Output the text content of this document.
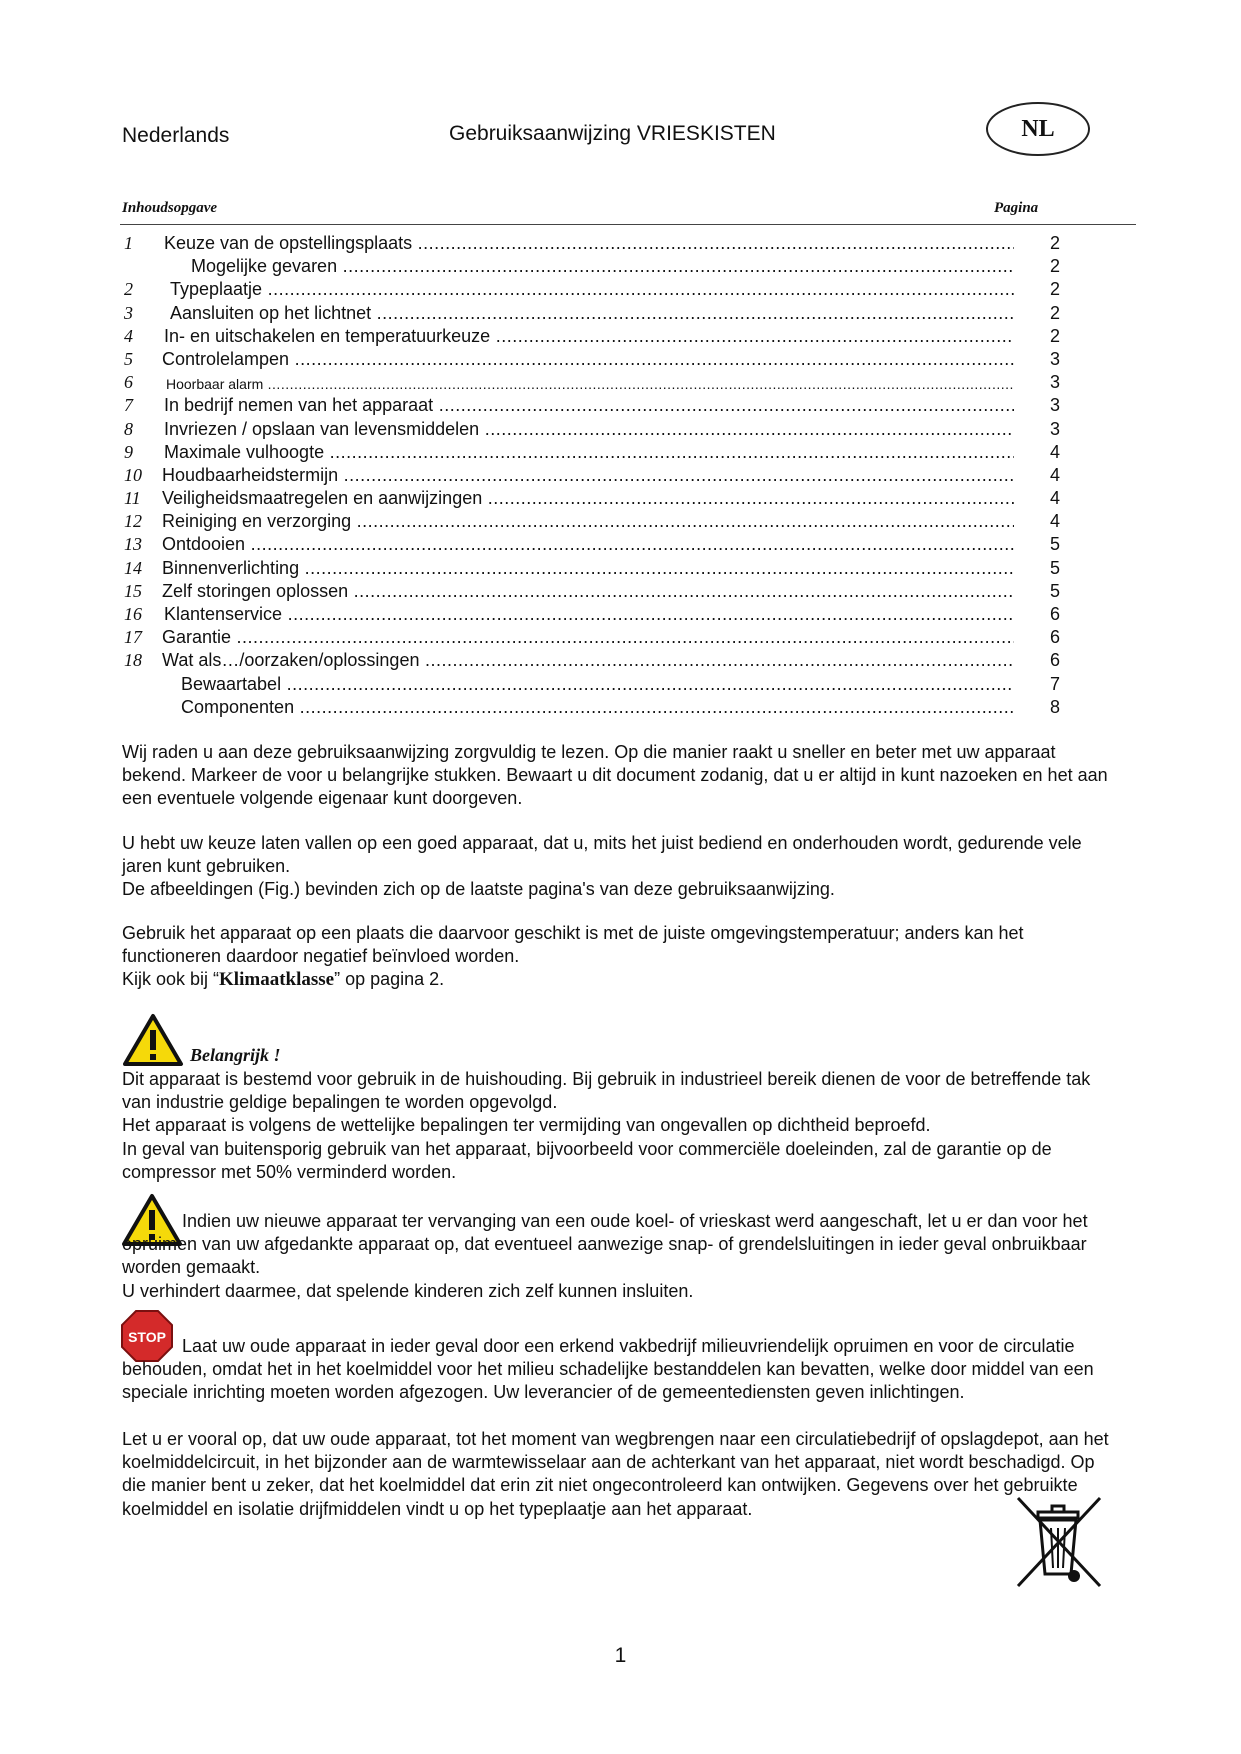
Nederlands	Gebruiksaanwijzing VRIESKISTEN	NL
Inhoudsopgave	Pagina
1 Keuze van de opstellingsplaats .....	2
Mogelijke gevaren .....	2
2 Typeplaatje .....	2
3 Aansluiten op het lichtnet .....	2
4 In- en uitschakelen en temperatuurkeuze .....	2
5 Controlelampen .....	3
6 Hoorbaar alarm .....	3
7 In bedrijf nemen van het apparaat .....	3
8 Invriezen / opslaan van levensmiddelen .....	3
9 Maximale vulhoogte .....	4
10 Houdbaarheidstermijn .....	4
11 Veiligheidsmaatregelen en aanwijzingen .....	4
12 Reiniging en verzorging .....	4
13 Ontdooien .....	5
14 Binnenverlichting .....	5
15 Zelf storingen oplossen .....	5
16 Klantenservice .....	6
17 Garantie .....	6
18 Wat als…/oorzaken/oplossingen .....	6
Bewaartabel .....	7
Componenten .....	8

Wij raden u aan deze gebruiksaanwijzing zorgvuldig te lezen. Op die manier raakt u sneller en beter met uw apparaat bekend. Markeer de voor u belangrijke stukken. Bewaart u dit document zodanig, dat u er altijd in kunt nazoeken en het aan een eventuele volgende eigenaar kunt doorgeven.

U hebt uw keuze laten vallen op een goed apparaat, dat u, mits het juist bediend en onderhouden wordt, gedurende vele jaren kunt gebruiken.

De afbeeldingen (Fig.) bevinden zich op de laatste pagina's van deze gebruiksaanwijzing.

Gebruik het apparaat op een plaats die daarvoor geschikt is met de juiste omgevingstemperatuur; anders kan het functioneren daardoor negatief beïnvloed worden.

Kijk ook bij “Klimaatklasse” op pagina 2.

Belangrijk !

Dit apparaat is bestemd voor gebruik in de huishouding. Bij gebruik in industrieel bereik dienen de voor de betreffende tak van industrie geldige bepalingen te worden opgevolgd.

Het apparaat is volgens de wettelijke bepalingen ter vermijding van ongevallen op dichtheid beproefd.

In geval van buitensporig gebruik van het apparaat, bijvoorbeeld voor commerciële doeleinden, zal de garantie op de compressor met 50% verminderd worden.

Indien uw nieuwe apparaat ter vervanging van een oude koel- of vrieskast werd aangeschaft, let u er dan voor het opruimen van uw afgedankte apparaat op, dat eventueel aanwezige snap- of grendelsluitingen in ieder geval onbruikbaar worden gemaakt.

U verhindert daarmee, dat spelende kinderen zich zelf kunnen insluiten.

STOP Laat uw oude apparaat in ieder geval door een erkend vakbedrijf milieuvriendelijk opruimen en voor de circulatie behouden, omdat het in het koelmiddel voor het milieu schadelijke bestanddelen kan bevatten, welke door middel van een speciale inrichting moeten worden afgezogen. Uw leverancier of de gemeentediensten geven inlichtingen.

Let u er vooral op, dat uw oude apparaat, tot het moment van wegbrengen naar een circulatiebedrijf of opslagdepot, aan het koelmiddelcircuit, in het bijzonder aan de warmtewisselaar aan de achterkant van het apparaat, niet wordt beschadigd. Op die manier bent u zeker, dat het koelmiddel dat erin zit niet ongecontroleerd kan ontwijken. Gegevens over het gebruikte koelmiddel en isolatie drijfmiddelen vindt u op het typeplaatje aan het apparaat.

1
